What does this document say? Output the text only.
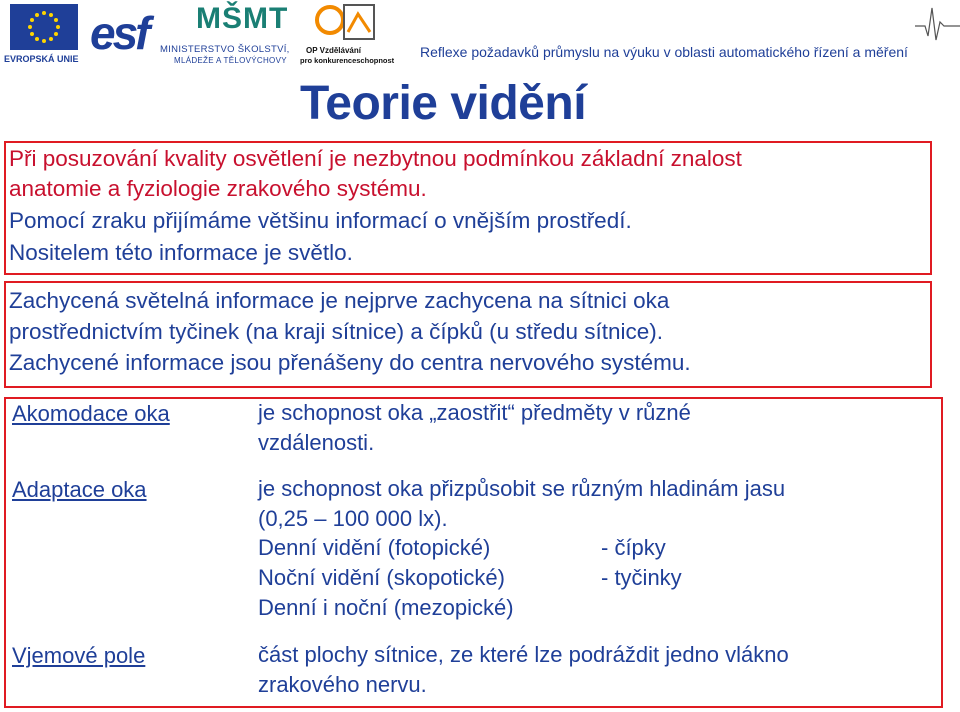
EVROPSKÁ UNIE esf MŠMT
MINISTERSTVO ŠKOLSTVÍ,
MLÁDEŽE A TĚLOVÝCHOVY
OP Vzdělávání
pro konkurenceschopnost
Reflexe požadavků průmyslu na výuku v oblasti automatického řízení a měření
Teorie vidění

Při posuzování kvality osvětlení je nezbytnou podmínkou základní znalost

anatomie a fyziologie zrakového systému.

Pomocí zraku přijímáme většinu informací o vnějším prostředí.

Nositelem této informace je světlo.

Zachycená světelná informace je nejprve zachycena na sítnici oka

prostřednictvím tyčinek (na kraji sítnice) a čípků (u středu sítnice).

Zachycené informace jsou přenášeny do centra nervového systému.

Akomodace oka	je schopnost oka „zaostřit“ předměty v různé
vzdálenosti.
Adaptace oka	je schopnost oka přizpůsobit se různým hladinám jasu
(0,25 – 100 000 lx).
Denní vidění (fotopické)	- čípky
Noční vidění (skopotické)	- tyčinky
Denní i noční (mezopické)
Vjemové pole	část plochy sítnice, ze které lze podráždit jedno vlákno
zrakového nervu.
